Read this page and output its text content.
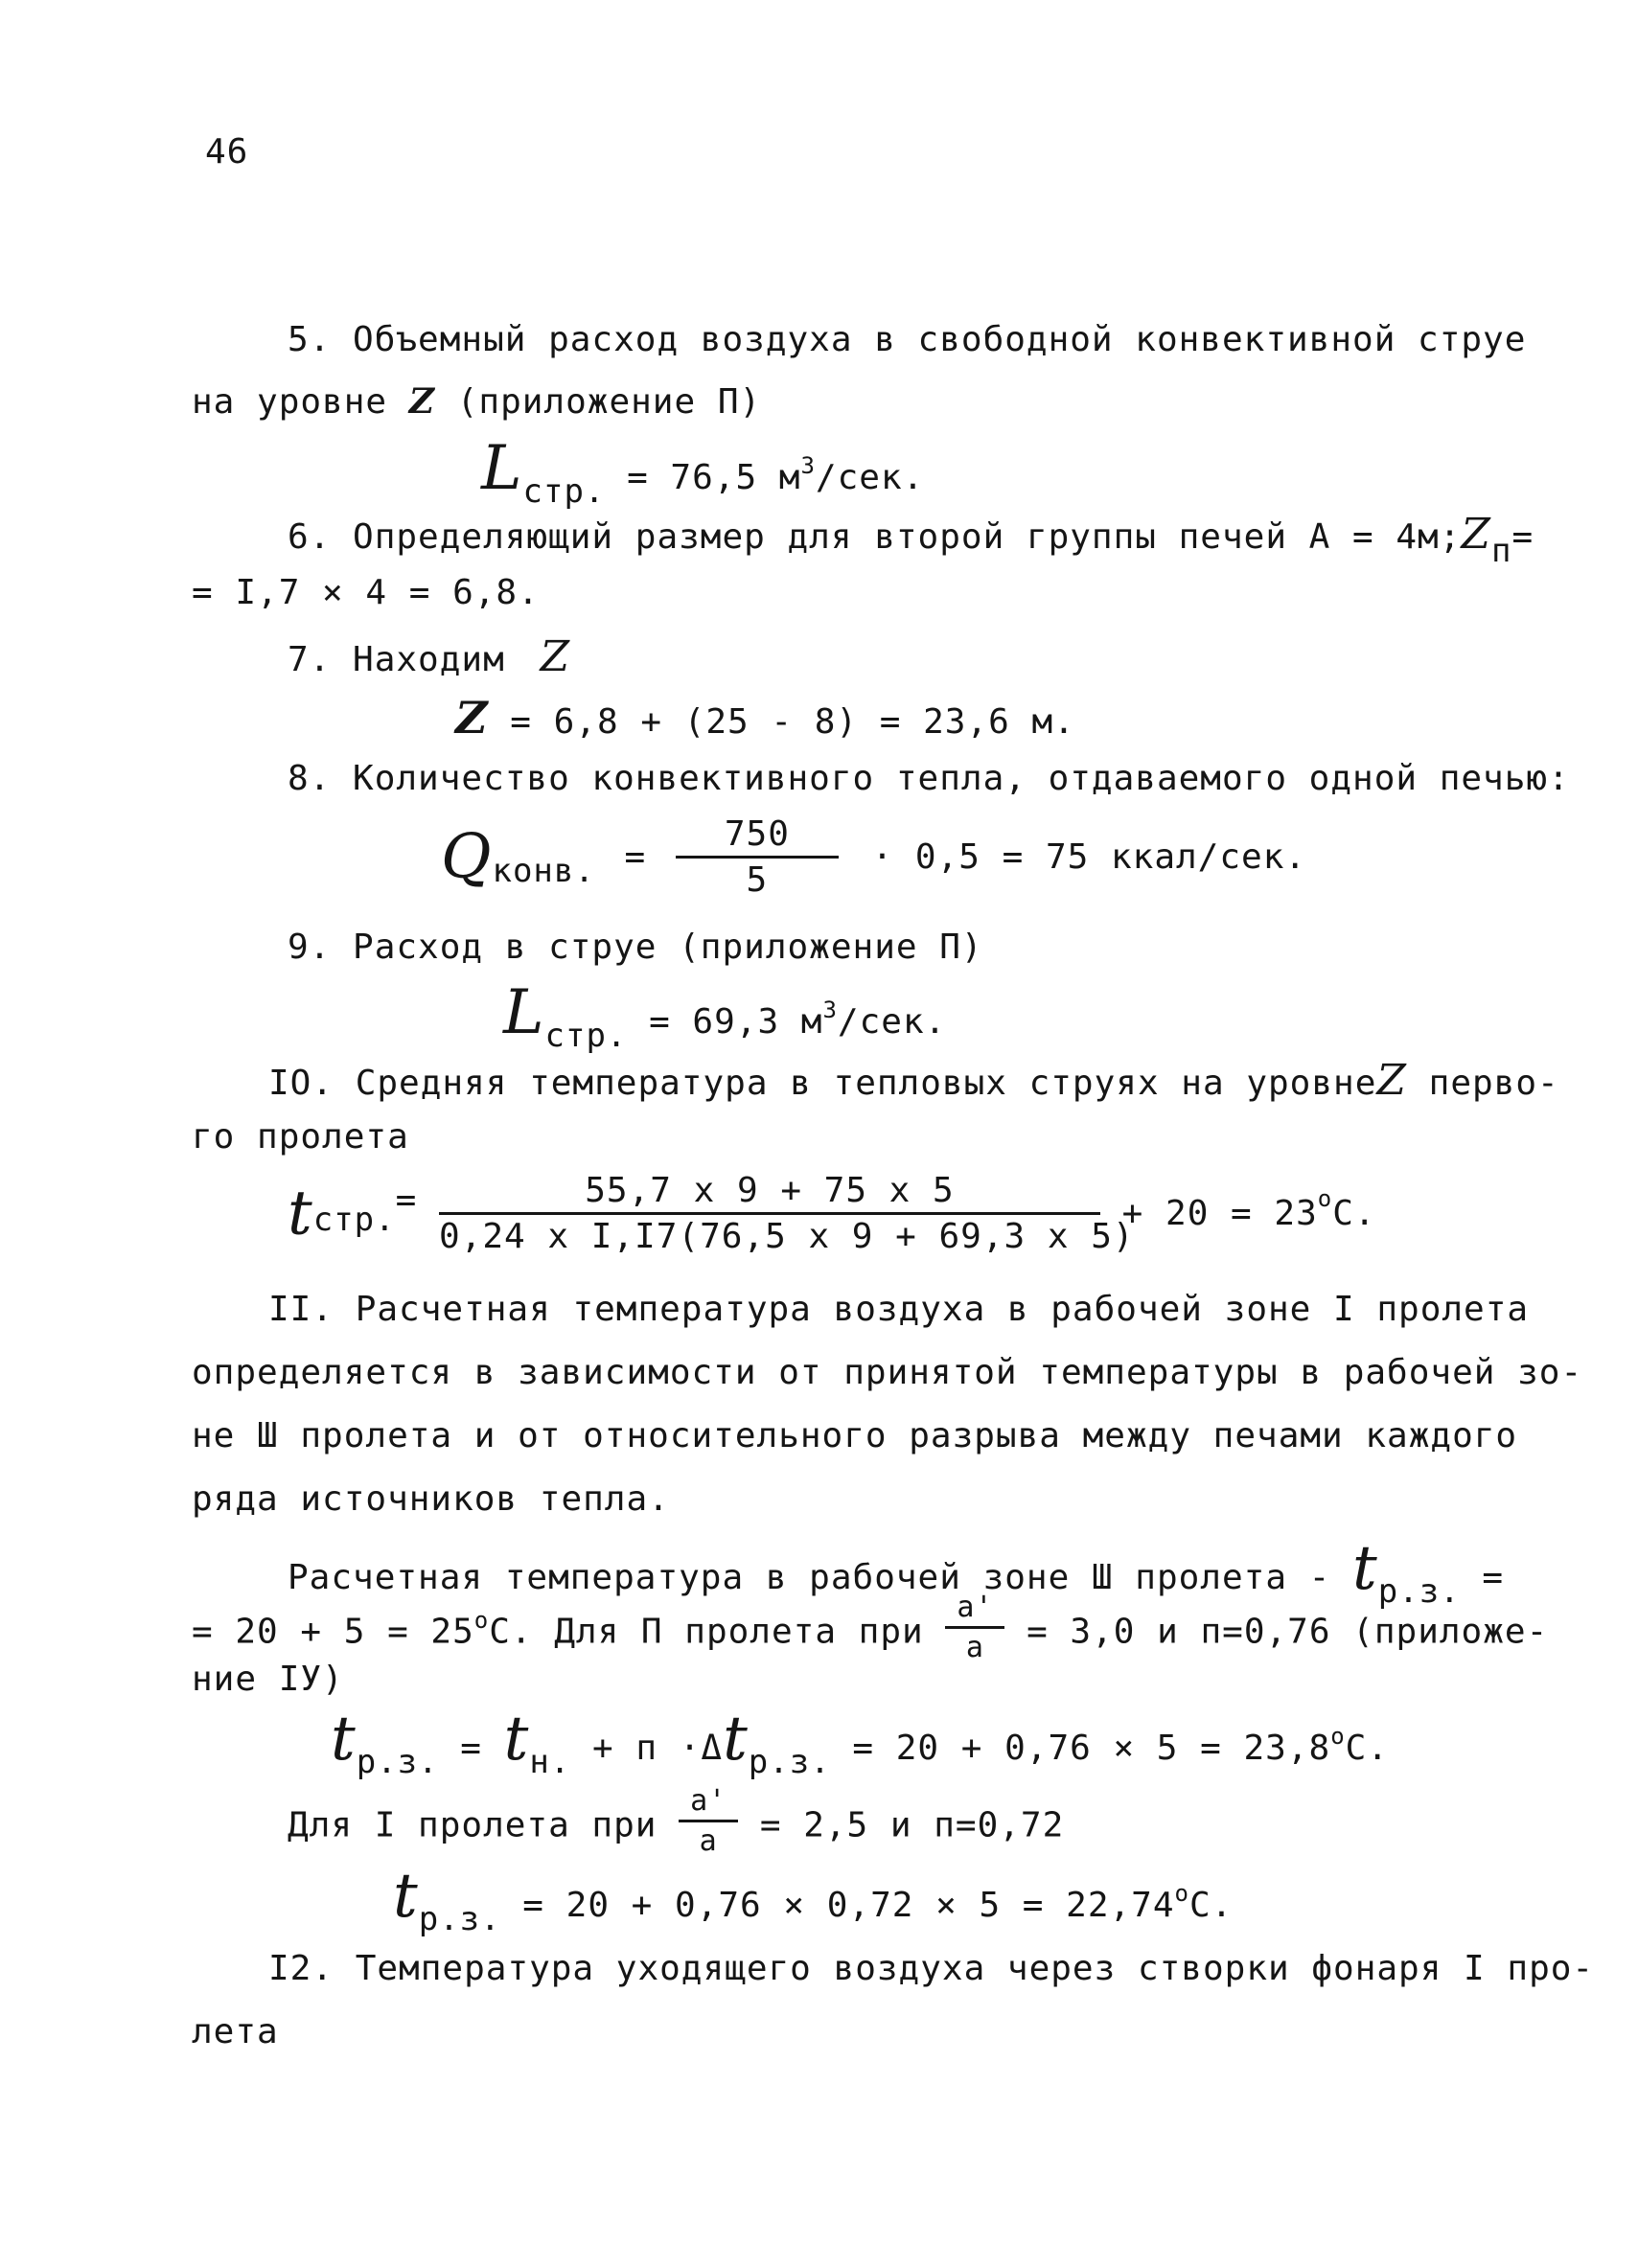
46
5. Объемный расход воздуха в свободной конвективной струе
на уровне Z (приложение П)
Lстр. = 76,5 $м^3$/сек.
6. Определяющий размер для второй группы печей А = 4м;Zп=
= I,7 × 4 = 6,8.
7. Находим Z
Z = 6,8 + (25 - 8) = 23,6 м.
8. Количество конвективного тепла, отдаваемого одной печью:
Qконв. = $\frac{750}{5} \cdot 0,5 = 75$ ккал/сек.
9. Расход в струе (приложение П)
Lстр. = 69,3 $м^3$/сек.
IO. Средняя температура в тепловых струях на уровнеZ перво-
го пролета
tстр.= $\frac{55,7 х 9 + 75 х 5}{\text{0,24 х I,I7(76,5 х 9 + 69,3 х 5)}} + 20 = 23^оС$.
II. Расчетная температура воздуха в рабочей зоне I пролета
определяется в зависимости от принятой температуры в рабочей зо-
не Ш пролета и от относительного разрыва между печами каждого
ряда источников тепла.
Расчетная температура в рабочей зоне Ш пролета - tр.з. =
= $20 + 5 = 25^оС$. Для П пролета при $\frac{а'}{а} = 3,0$ и п=0,76 (приложе-
ние IУ)
tр.з. = tн. + п ·Δtр.з. = $20 + 0,76 \times 5 = 23,8^оС$.
Для I пролета при $\frac{а'}{а} = 2,5$ и п=0,72
tр.з. = $20 + 0,76 \times 0,72 \times 5 = 22,74^оС$.
I2. Температура уходящего воздуха через створки фонаря I про-
лета
